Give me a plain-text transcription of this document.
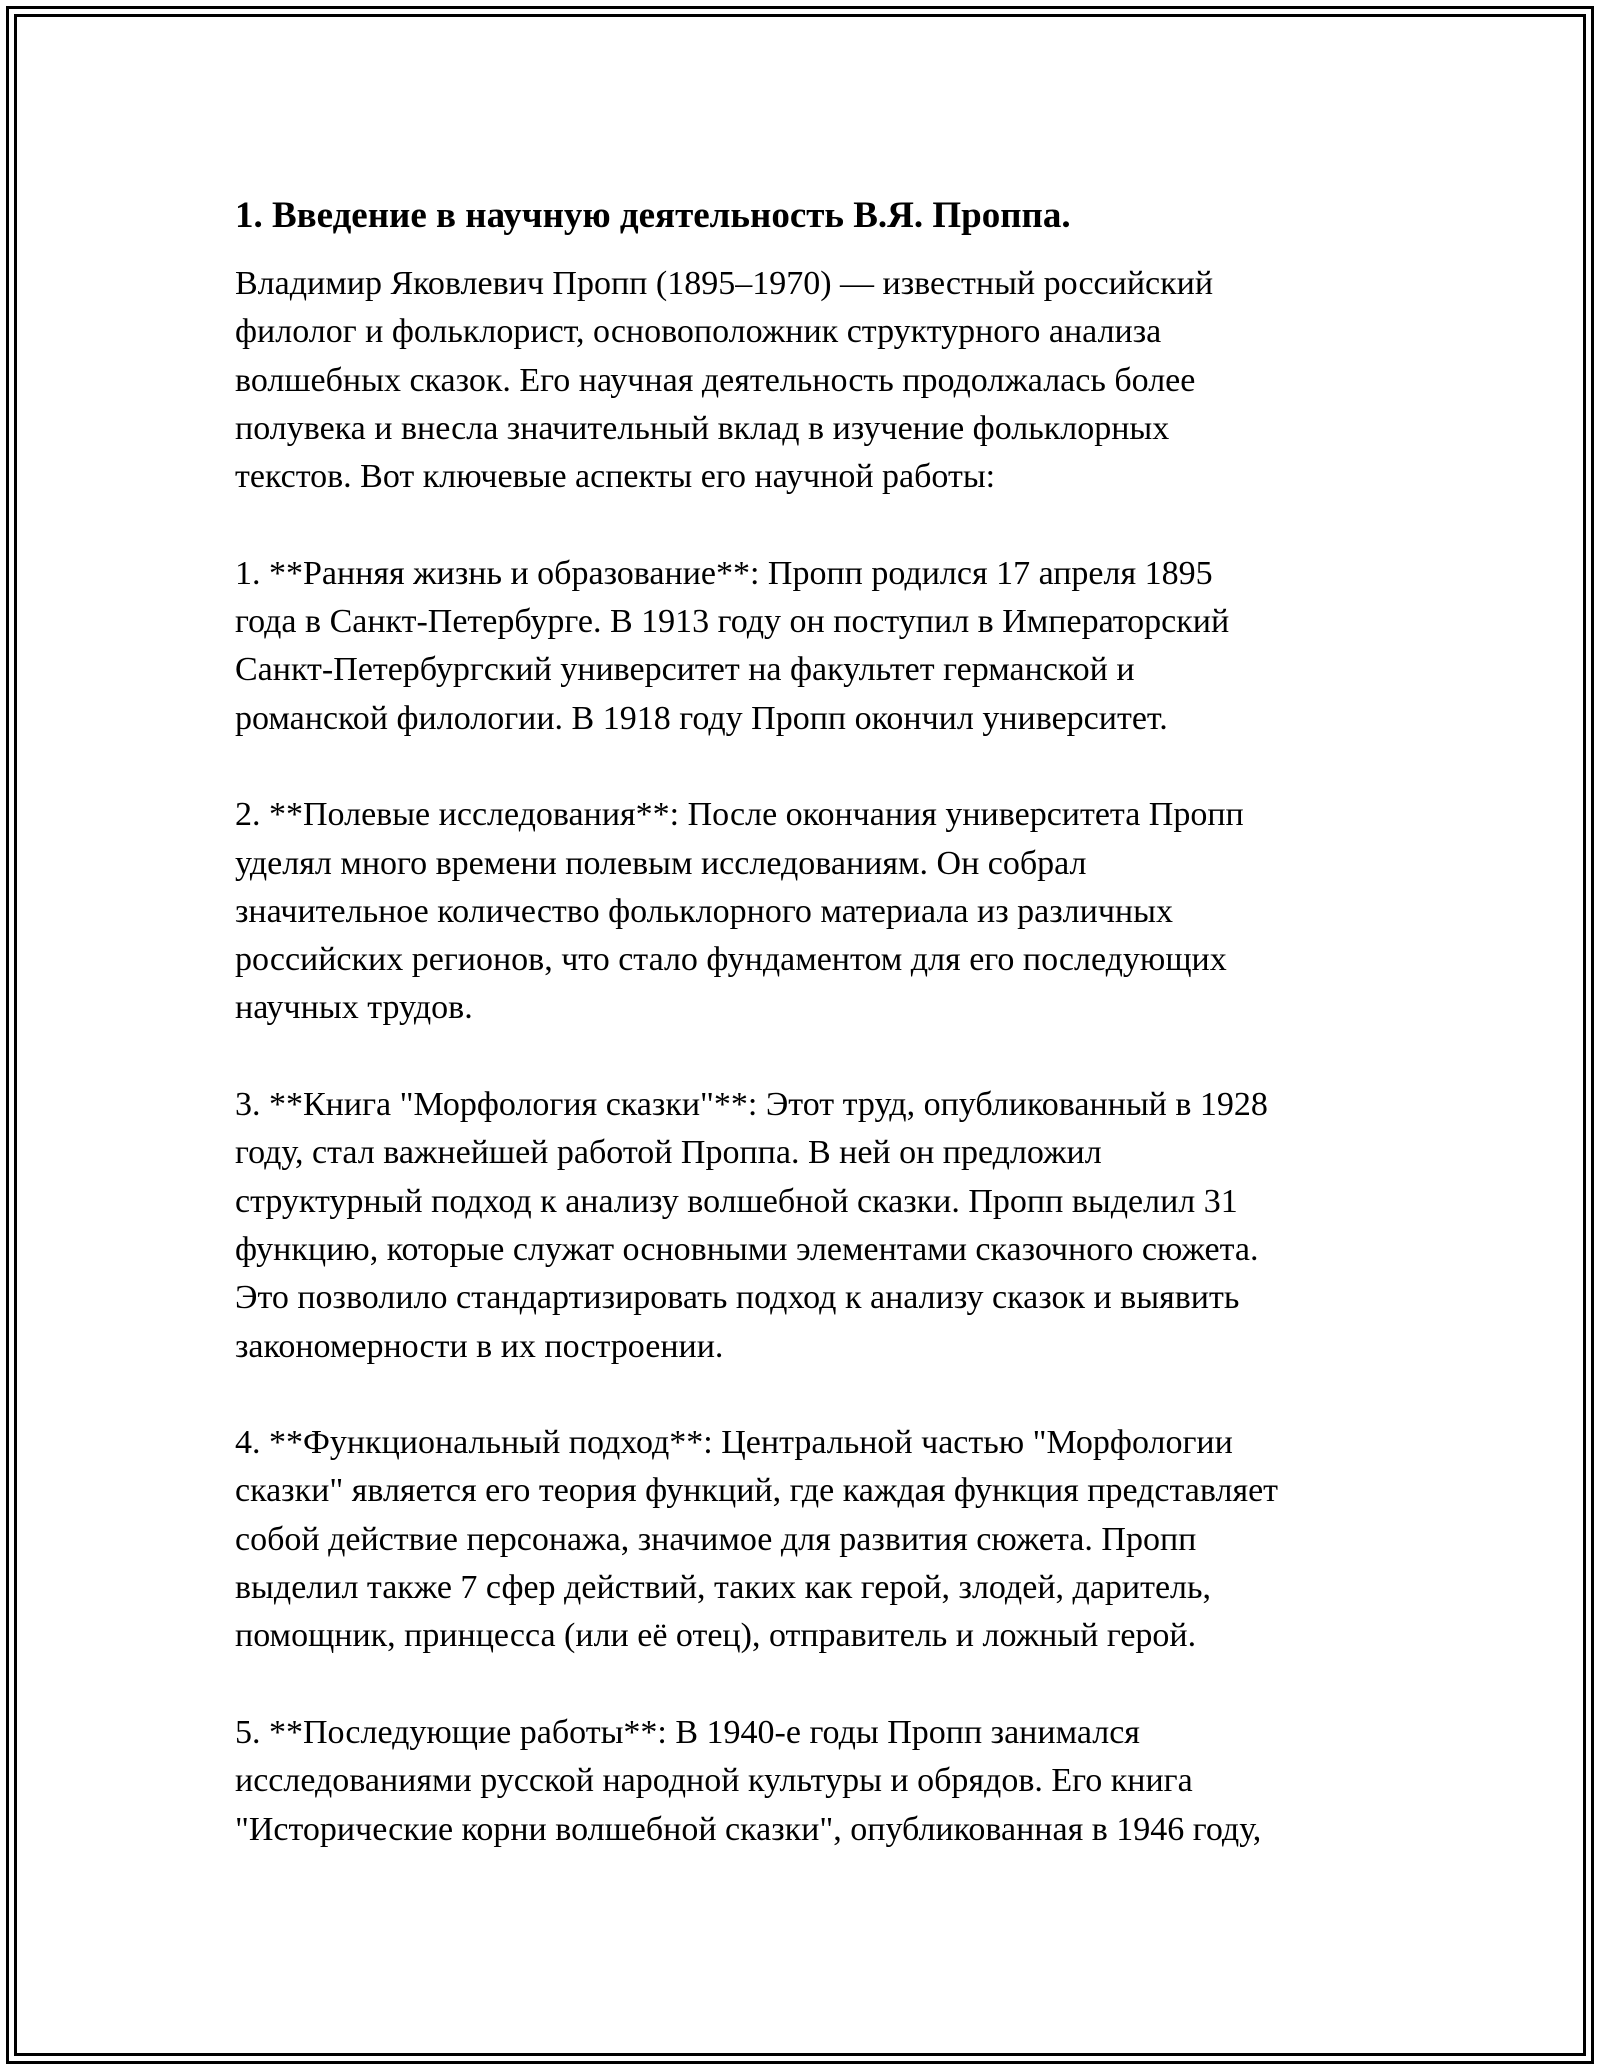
1. Введение в научную деятельность В.Я. Проппа.
Владимир Яковлевич Пропп (1895–1970) — известный российский
филолог и фольклорист, основоположник структурного анализа
волшебных сказок. Его научная деятельность продолжалась более
полувека и внесла значительный вклад в изучение фольклорных
текстов. Вот ключевые аспекты его научной работы:
1. **Ранняя жизнь и образование**: Пропп родился 17 апреля 1895
года в Санкт-Петербурге. В 1913 году он поступил в Императорский
Санкт-Петербургский университет на факультет германской и
романской филологии. В 1918 году Пропп окончил университет.
2. **Полевые исследования**: После окончания университета Пропп
уделял много времени полевым исследованиям. Он собрал
значительное количество фольклорного материала из различных
российских регионов, что стало фундаментом для его последующих
научных трудов.
3. **Книга "Морфология сказки"**: Этот труд, опубликованный в 1928
году, стал важнейшей работой Проппа. В ней он предложил
структурный подход к анализу волшебной сказки. Пропп выделил 31
функцию, которые служат основными элементами сказочного сюжета.
Это позволило стандартизировать подход к анализу сказок и выявить
закономерности в их построении.
4. **Функциональный подход**: Центральной частью "Морфологии
сказки" является его теория функций, где каждая функция представляет
собой действие персонажа, значимое для развития сюжета. Пропп
выделил также 7 сфер действий, таких как герой, злодей, даритель,
помощник, принцесса (или её отец), отправитель и ложный герой.
5. **Последующие работы**: В 1940-е годы Пропп занимался
исследованиями русской народной культуры и обрядов. Его книга
"Исторические корни волшебной сказки", опубликованная в 1946 году,
